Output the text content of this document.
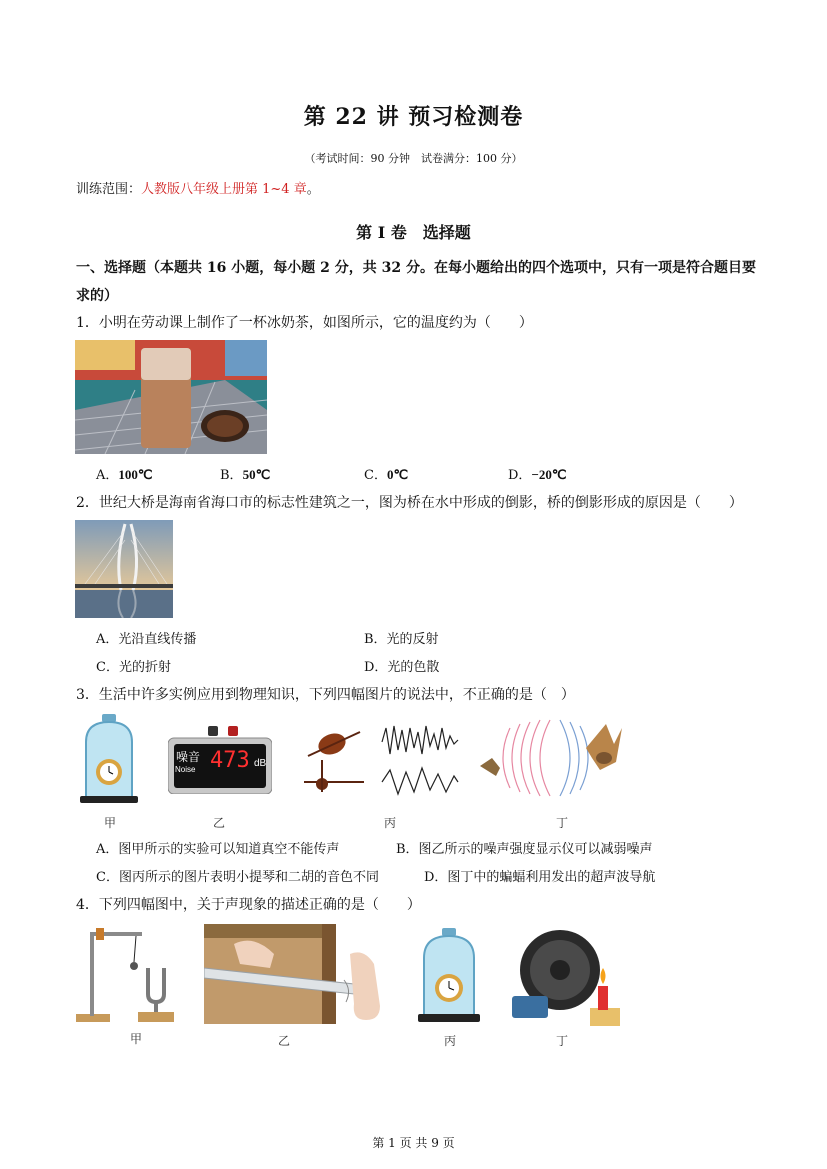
第 22 讲 预习检测卷
（考试时间：90 分钟　试卷满分：100 分）
训练范围：人教版八年级上册第 1~4 章。
第 I 卷　选择题
一、选择题（本题共 16 小题，每小题 2 分，共 32 分。在每小题给出的四个选项中，只有一项是符合题目要求的）
1．小明在劳动课上制作了一杯冰奶茶，如图所示，它的温度约为（　　）
A．100℃	B．50℃	C．0℃	D．−20℃
2．世纪大桥是海南省海口市的标志性建筑之一，图为桥在水中形成的倒影，桥的倒影形成的原因是（　　）
A．光沿直线传播	B．光的反射
C．光的折射	D．光的色散
3．生活中许多实例应用到物理知识，下列四幅图片的说法中，不正确的是（　）
噪音
Noise 473 dB
甲	乙	丙	丁
A．图甲所示的实验可以知道真空不能传声	B．图乙所示的噪声强度显示仪可以减弱噪声
C．图丙所示的图片表明小提琴和二胡的音色不同	D．图丁中的蝙蝠利用发出的超声波导航
4．下列四幅图中，关于声现象的描述正确的是（　　）
甲	乙	丙	丁
第 1 页 共 9 页
